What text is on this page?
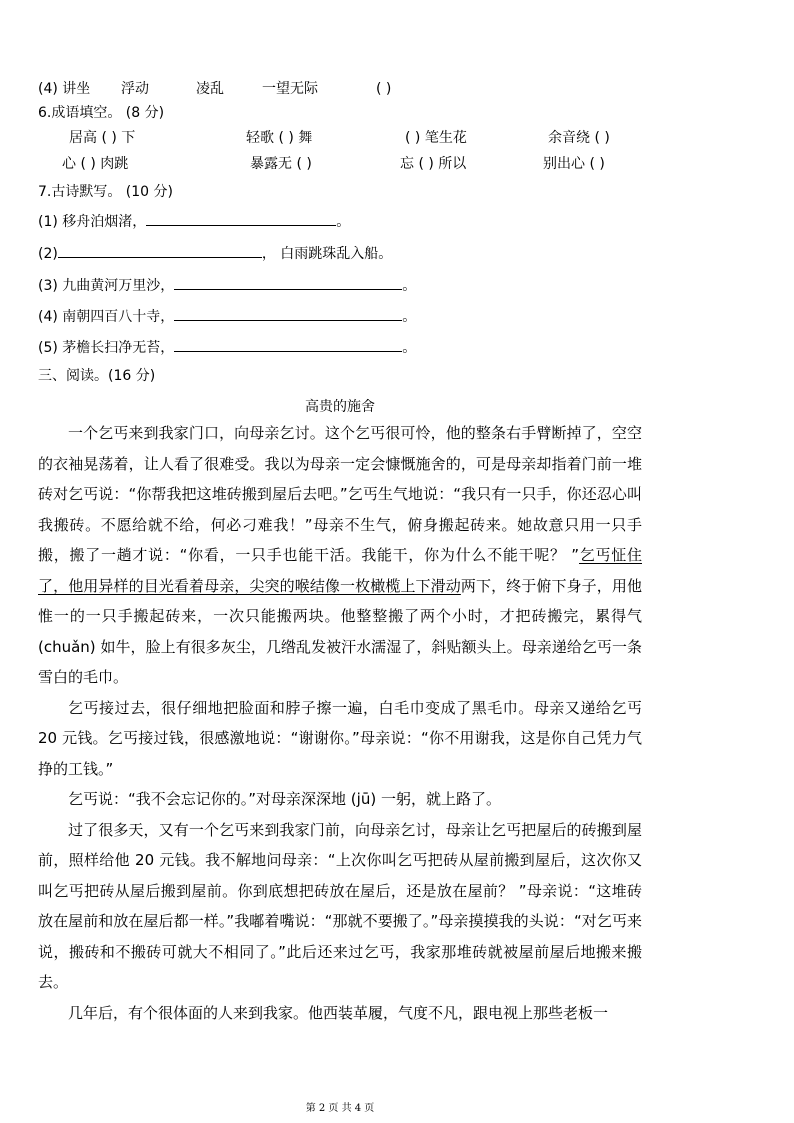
(4) 讲坐 浮动	凌乱	一望无际	( )
6.成语填空。 (8 分)
居高 ( ) 下	轻歌 ( ) 舞	( ) 笔生花	余音绕 ( )
心 ( ) 肉跳	暴露无 ( )	忘 ( ) 所以	别出心 ( )
7.古诗默写。 (10 分)
(1) 移舟泊烟渚，	。
(2)	， 白雨跳珠乱入船。
(3) 九曲黄河万里沙，	。
(4) 南朝四百八十寺，	。
(5) 茅檐长扫净无苔，	。
三、阅读。(16 分)
高贵的施舍

一个乞丐来到我家门口，向母亲乞讨。这个乞丐很可怜，他的整条右手臂断掉了，空空的衣袖晃荡着，让人看了很难受。我以为母亲一定会慷慨施舍的，可是母亲却指着门前一堆砖对乞丐说：“你帮我把这堆砖搬到屋后去吧。”乞丐生气地说：“我只有一只手，你还忍心叫我搬砖。不愿给就不给，何必刁难我！”母亲不生气，俯身搬起砖来。她故意只用一只手搬，搬了一趟才说：“你看，一只手也能干活。我能干，你为什么不能干呢？ ”乞丐怔住了，他用异样的目光看着母亲，尖突的喉结像一枚橄榄上下滑动两下，终于俯下身子，用他惟一的一只手搬起砖来，一次只能搬两块。他整整搬了两个小时，才把砖搬完，累得气 (chuǎn) 如牛，脸上有很多灰尘，几绺乱发被汗水濡湿了，斜贴额头上。母亲递给乞丐一条雪白的毛巾。

乞丐接过去，很仔细地把脸面和脖子擦一遍，白毛巾变成了黑毛巾。母亲又递给乞丐 20 元钱。乞丐接过钱，很感激地说：“谢谢你。”母亲说：“你不用谢我，这是你自己凭力气挣的工钱。”

乞丐说：“我不会忘记你的。”对母亲深深地 (jū) 一躬，就上路了。

过了很多天，又有一个乞丐来到我家门前，向母亲乞讨，母亲让乞丐把屋后的砖搬到屋前，照样给他 20 元钱。我不解地问母亲：“上次你叫乞丐把砖从屋前搬到屋后，这次你又叫乞丐把砖从屋后搬到屋前。你到底想把砖放在屋后，还是放在屋前？ ”母亲说：“这堆砖放在屋前和放在屋后都一样。”我嘟着嘴说：“那就不要搬了。”母亲摸摸我的头说：“对乞丐来说，搬砖和不搬砖可就大不相同了。”此后还来过乞丐，我家那堆砖就被屋前屋后地搬来搬去。

几年后，有个很体面的人来到我家。他西装革履，气度不凡，跟电视上那些老板一

第 2 页 共 4 页
